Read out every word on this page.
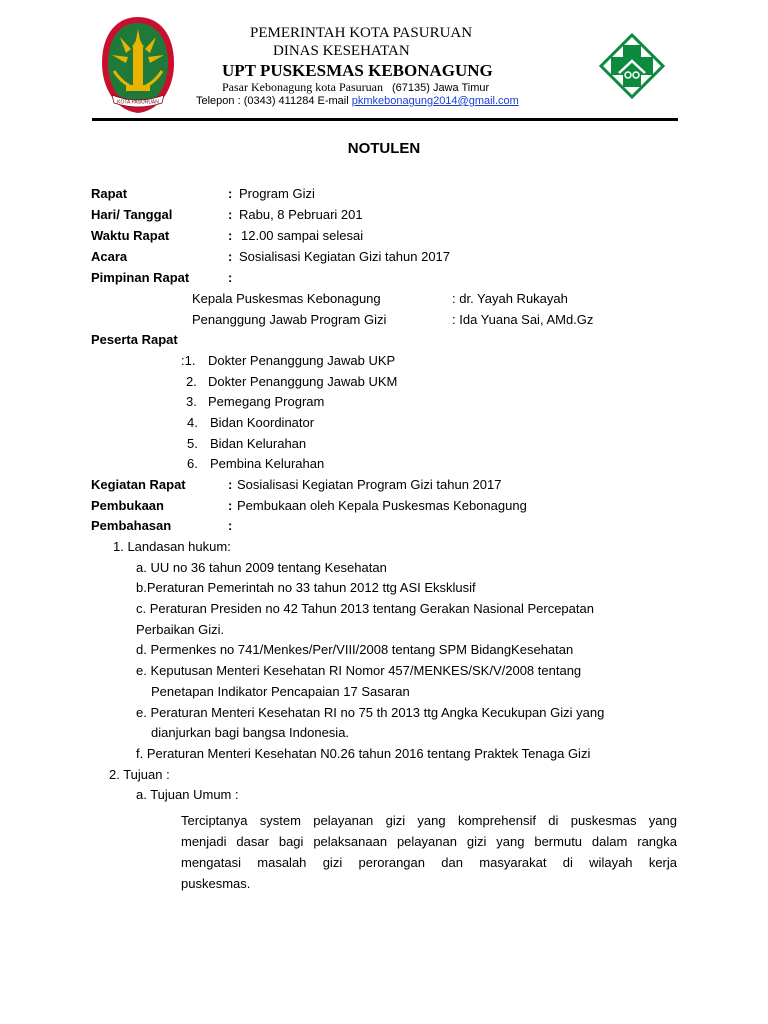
KOTA PASURUAN
PEMERINTAH KOTA PASURUAN
DINAS KESEHATAN
UPT PUSKESMAS KEBONAGUNG
Pasar Kebonagung kota Pasuruan (67135) Jawa Timur
Telepon : (0343) 411284 E-mail pkmkebonagung2014@gmail.com
NOTULEN
Rapat	: Program Gizi
Hari/ Tanggal	: Rabu, 8 Pebruari 201
Waktu Rapat	: 12.00 sampai selesai
Acara	: Sosialisasi Kegiatan Gizi tahun 2017
Pimpinan Rapat	:
Kepala Puskesmas Kebonagung	: dr. Yayah Rukayah
Penanggung Jawab Program Gizi	: Ida Yuana Sai, AMd.Gz
Peserta Rapat
:1. Dokter Penanggung Jawab UKP
2. Dokter Penanggung Jawab UKM
3. Pemegang Program
4. Bidan Koordinator
5. Bidan Kelurahan
6. Pembina Kelurahan
Kegiatan Rapat	: Sosialisasi Kegiatan Program Gizi tahun 2017
Pembukaan	: Pembukaan oleh Kepala Puskesmas Kebonagung
Pembahasan	:
1. Landasan hukum:
a. UU no 36 tahun 2009 tentang Kesehatan
b.Peraturan Pemerintah no 33 tahun 2012 ttg ASI Eksklusif
c. Peraturan Presiden no 42 Tahun 2013 tentang Gerakan Nasional Percepatan
Perbaikan Gizi.
d. Permenkes no 741/Menkes/Per/VIII/2008 tentang SPM BidangKesehatan
e. Keputusan Menteri Kesehatan RI Nomor 457/MENKES/SK/V/2008 tentang
Penetapan Indikator Pencapaian 17 Sasaran
e. Peraturan Menteri Kesehatan RI no 75 th 2013 ttg Angka Kecukupan Gizi yang
dianjurkan bagi bangsa Indonesia.
f. Peraturan Menteri Kesehatan N0.26 tahun 2016 tentang Praktek Tenaga Gizi
2. Tujuan :
a. Tujuan Umum :
Terciptanya system pelayanan gizi yang komprehensif di puskesmas yang
menjadi dasar bagi pelaksanaan pelayanan gizi yang bermutu dalam rangka
mengatasi masalah gizi perorangan dan masyarakat di wilayah kerja
puskesmas.
